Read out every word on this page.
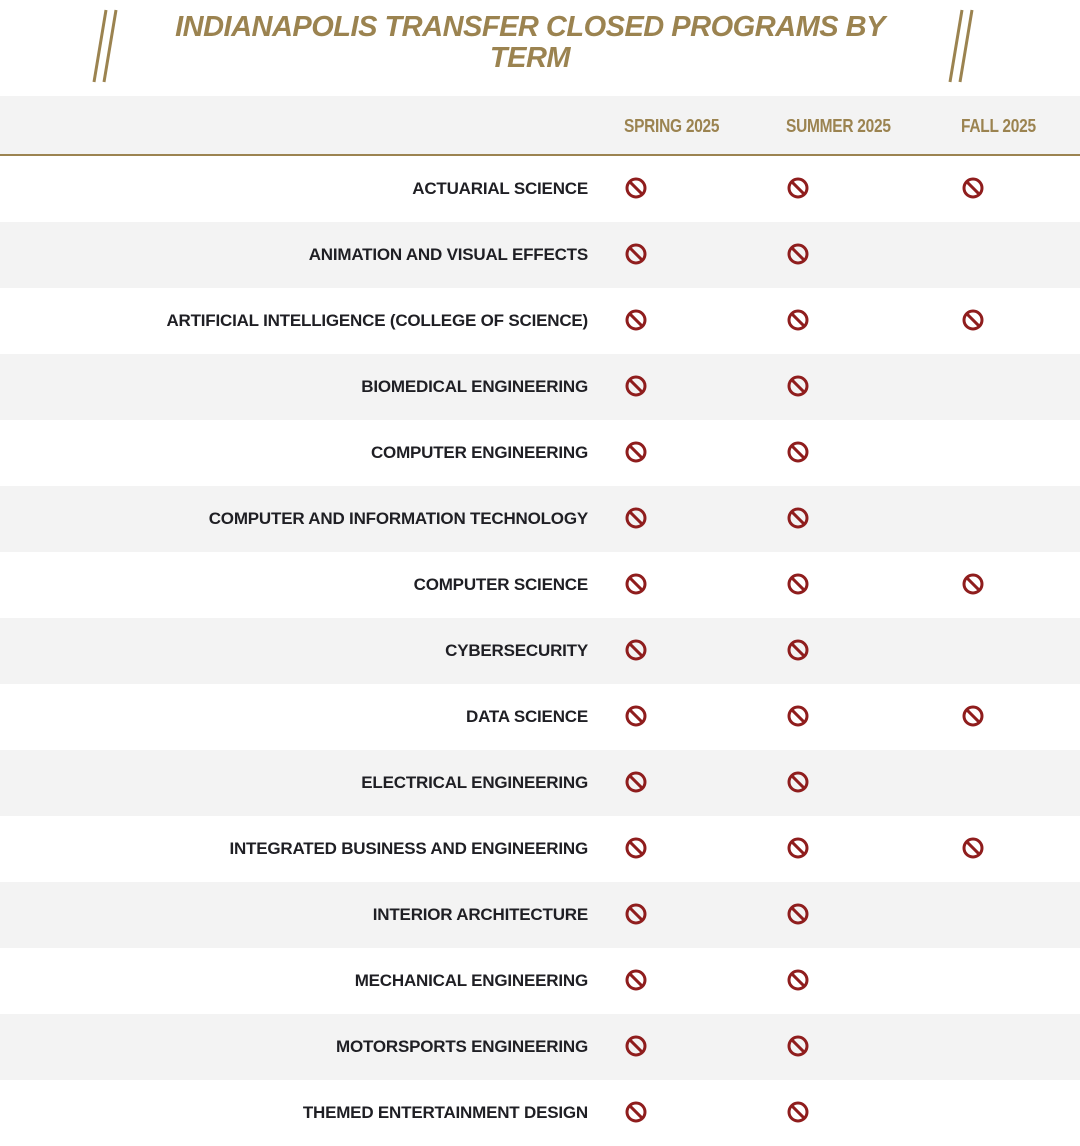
INDIANAPOLIS TRANSFER CLOSED PROGRAMS BY TERM
SPRING 2025	SUMMER 2025	FALL 2025
ACTUARIAL SCIENCE
ANIMATION AND VISUAL EFFECTS
ARTIFICIAL INTELLIGENCE (COLLEGE OF SCIENCE)
BIOMEDICAL ENGINEERING
COMPUTER ENGINEERING
COMPUTER AND INFORMATION TECHNOLOGY
COMPUTER SCIENCE
CYBERSECURITY
DATA SCIENCE
ELECTRICAL ENGINEERING
INTEGRATED BUSINESS AND ENGINEERING
INTERIOR ARCHITECTURE
MECHANICAL ENGINEERING
MOTORSPORTS ENGINEERING
THEMED ENTERTAINMENT DESIGN
